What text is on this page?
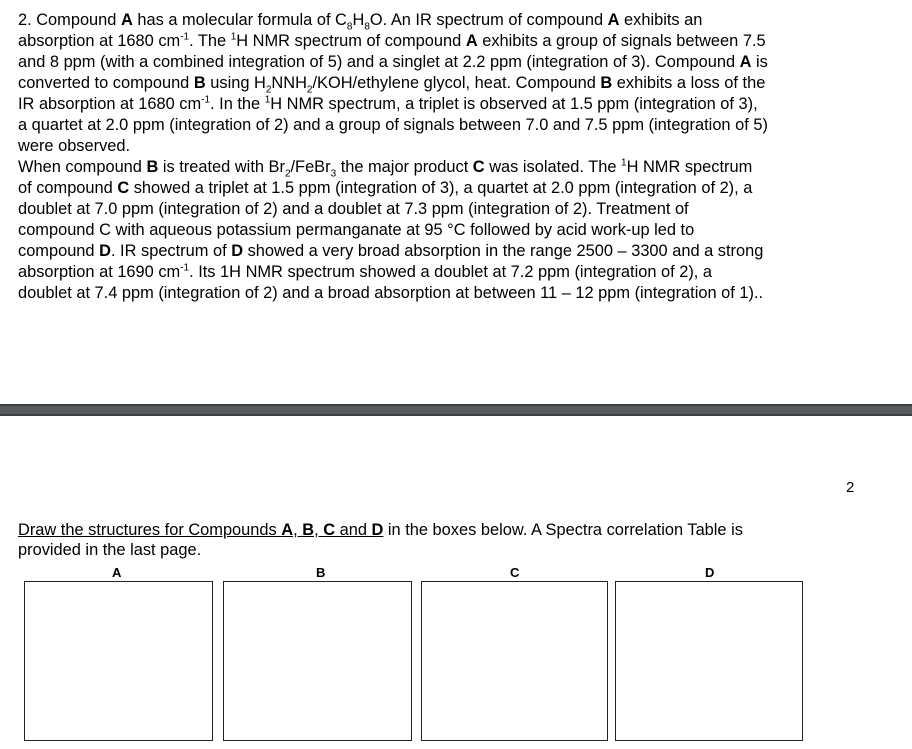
2. Compound A has a molecular formula of $C_8H_8O$. An IR spectrum of compound A exhibits an
absorption at 1680 $cm^{-1}$. The $^1$H NMR spectrum of compound A exhibits a group of signals between 7.5
and 8 ppm (with a combined integration of 5) and a singlet at 2.2 ppm (integration of 3). Compound A is
converted to compound B using $H_2NNH_2/KOH$/ethylene glycol, heat. Compound B exhibits a loss of the
IR absorption at 1680 $cm^{-1}$. In the $^1$H NMR spectrum, a triplet is observed at 1.5 ppm (integration of 3),
a quartet at 2.0 ppm (integration of 2) and a group of signals between 7.0 and 7.5 ppm (integration of 5)
were observed.
When compound B is treated with $Br_2/FeBr_3$ the major product C was isolated. The $^1$H NMR spectrum
of compound C showed a triplet at 1.5 ppm (integration of 3), a quartet at 2.0 ppm (integration of 2), a
doublet at 7.0 ppm (integration of 2) and a doublet at 7.3 ppm (integration of 2). Treatment of
compound C with aqueous potassium permanganate at 95 °C followed by acid work-up led to
compound D. IR spectrum of D showed a very broad absorption in the range 2500 – 3300 and a strong
absorption at 1690 $cm^{-1}$. Its 1H NMR spectrum showed a doublet at 7.2 ppm (integration of 2), a
doublet at 7.4 ppm (integration of 2) and a broad absorption at between 11 – 12 ppm (integration of 1)..
2
Draw the structures for Compounds A, B, C and D in the boxes below. A Spectra correlation Table is
provided in the last page.
A	B	C	D
